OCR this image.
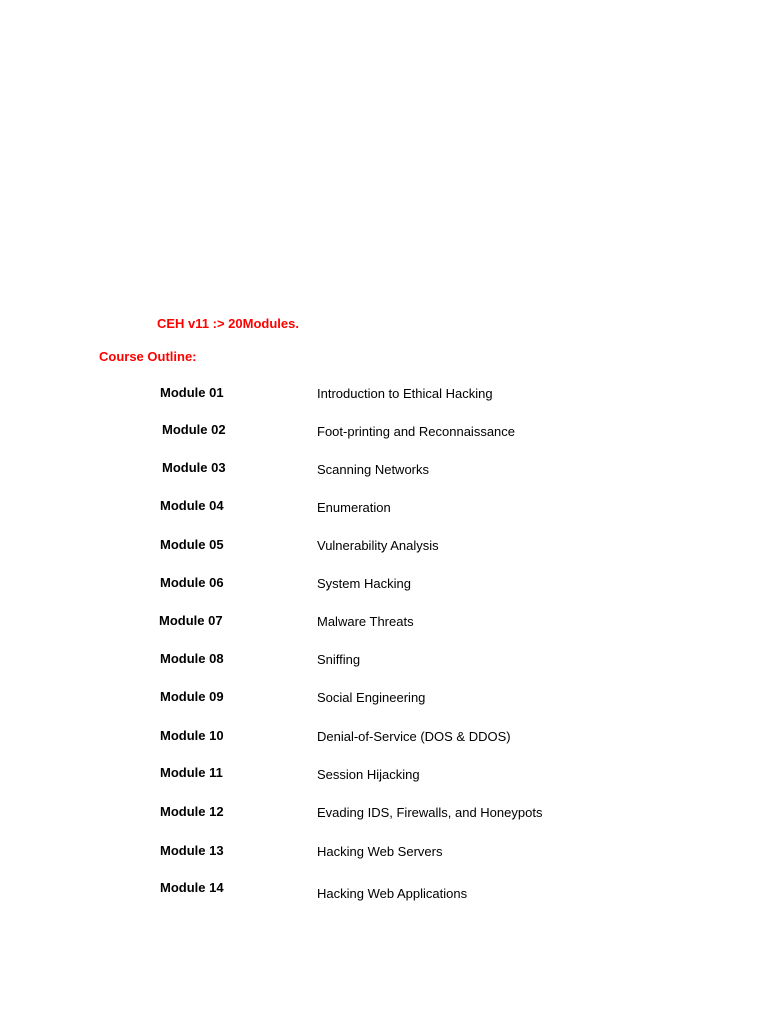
CEH v11 :> 20Modules.
Course Outline:
Module 01	Introduction to Ethical Hacking
Module 02	Foot-printing and Reconnaissance
Module 03	Scanning Networks
Module 04	Enumeration
Module 05	Vulnerability Analysis
Module 06	System Hacking
Module 07	Malware Threats
Module 08	Sniffing
Module 09	Social Engineering
Module 10	Denial-of-Service (DOS & DDOS)
Module 11	Session Hijacking
Module 12	Evading IDS, Firewalls, and Honeypots
Module 13	Hacking Web Servers
Module 14	Hacking Web Applications
